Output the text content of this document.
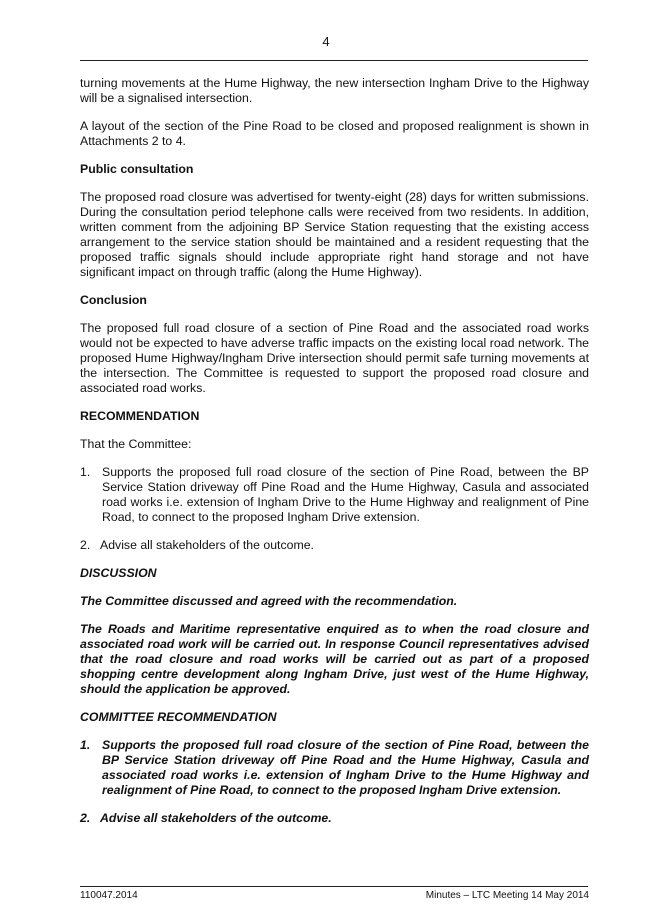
4

turning movements at the Hume Highway, the new intersection Ingham Drive to the Highway will be a signalised intersection.

A layout of the section of the Pine Road to be closed and proposed realignment is shown in Attachments 2 to 4.

Public consultation

The proposed road closure was advertised for twenty-eight (28) days for written submissions. During the consultation period telephone calls were received from two residents. In addition, written comment from the adjoining BP Service Station requesting that the existing access arrangement to the service station should be maintained and a resident requesting that the proposed traffic signals should include appropriate right hand storage and not have significant impact on through traffic (along the Hume Highway).

Conclusion

The proposed full road closure of a section of Pine Road and the associated road works would not be expected to have adverse traffic impacts on the existing local road network. The proposed Hume Highway/Ingham Drive intersection should permit safe turning movements at the intersection. The Committee is requested to support the proposed road closure and associated road works.

RECOMMENDATION

That the Committee:

1. Supports the proposed full road closure of the section of Pine Road, between the BP Service Station driveway off Pine Road and the Hume Highway, Casula and associated road works i.e. extension of Ingham Drive to the Hume Highway and realignment of Pine Road, to connect to the proposed Ingham Drive extension.
2. Advise all stakeholders of the outcome.
DISCUSSION

The Committee discussed and agreed with the recommendation.

The Roads and Maritime representative enquired as to when the road closure and associated road work will be carried out. In response Council representatives advised that the road closure and road works will be carried out as part of a proposed shopping centre development along Ingham Drive, just west of the Hume Highway, should the application be approved.

COMMITTEE RECOMMENDATION
1. Supports the proposed full road closure of the section of Pine Road, between the BP Service Station driveway off Pine Road and the Hume Highway, Casula and associated road works i.e. extension of Ingham Drive to the Hume Highway and realignment of Pine Road, to connect to the proposed Ingham Drive extension.
2. Advise all stakeholders of the outcome.
110047.2014	Minutes – LTC Meeting 14 May 2014
